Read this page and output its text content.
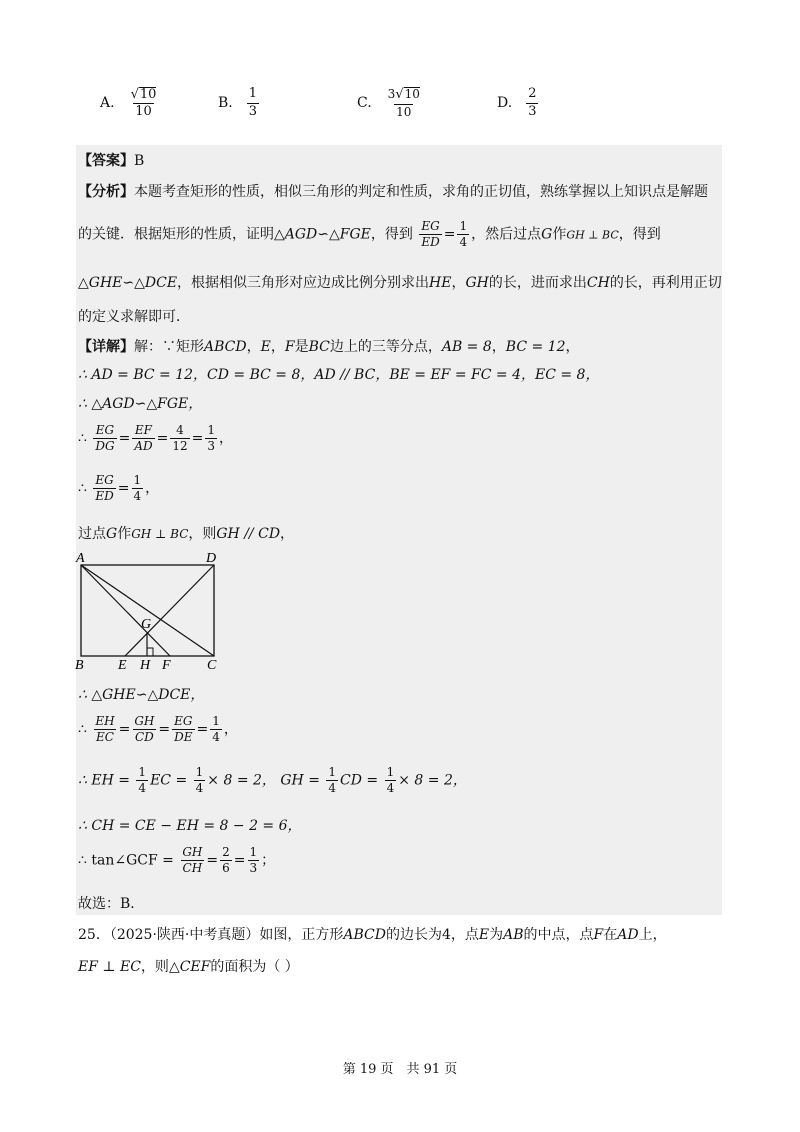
A. $\frac{√10}{10}$	B. $\frac{1}{3}$	C. $\frac{3√10}{10}$	D. $\frac{2}{3}$
【答案】B
【分析】本题考查矩形的性质，相似三角形的判定和性质，求角的正切值，熟练掌握以上知识点是解题
的关键．根据矩形的性质，证明△AGD∽△FGE，得到 $\frac{EG}{ED} = \frac{1}{4}$ ，然后过点G作GH ⊥ BC，得到
△GHE∽△DCE，根据相似三角形对应边成比例分别求出HE，GH的长，进而求出CH的长，再利用正切
的定义求解即可．
【详解】解：∵矩形ABCD，E，F是BC边上的三等分点，AB = 8，BC = 12，
∴ AD = BC = 12，CD = BC = 8，AD // BC，BE = EF = FC = 4，EC = 8，
∴ △AGD∽△FGE，
∴ $\frac{EG}{DG} = \frac{EF}{AD} = \frac{4}{12} = \frac{1}{3}$ ，
∴ $\frac{EG}{ED} = \frac{1}{4}$ ，
过点G作GH ⊥ BC，则GH // CD，
A	D
G
B E H F	C
∴ △GHE∽△DCE，
∴ $\frac{EH}{EC} = \frac{GH}{CD} = \frac{EG}{DE} = \frac{1}{4}$ ，
∴ EH = $\frac{1}{4}$ EC = $\frac{1}{4} \times 8 = 2$， GH = $\frac{1}{4}$ CD = $\frac{1}{4} \times 8 = 2$，
∴ CH = CE − EH = 8 − 2 = 6，
∴ tan∠GCF = $\frac{GH}{CH} = \frac{2}{6} = \frac{1}{3}$ ；
故选：B．
25．（2025·陕西·中考真题）如图，正方形ABCD的边长为4，点E为AB的中点，点F在AD上，
EF ⊥ EC，则△CEF的面积为（ ）
第 19 页　共 91 页
